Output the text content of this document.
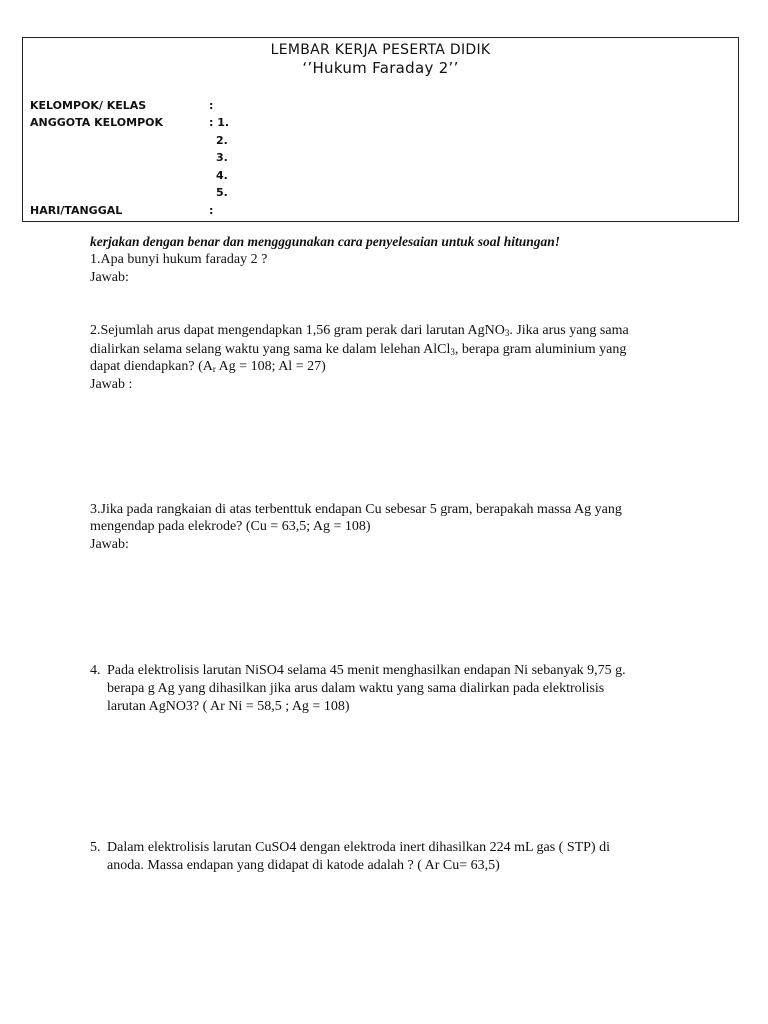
LEMBAR KERJA PESERTA DIDIK
‘’Hukum Faraday 2’’
KELOMPOK/ KELAS	:
ANGGOTA KELOMPOK	: 1.
2.
3.
4.
5.
HARI/TANGGAL	:
kerjakan dengan benar dan mengggunakan cara penyelesaian untuk soal hitungan!
1.Apa bunyi hukum faraday 2 ?
Jawab:
2.Sejumlah arus dapat mengendapkan 1,56 gram perak dari larutan AgNO$_3$. Jika arus yang sama
dialirkan selama selang waktu yang sama ke dalam lelehan AlCl$_3$, berapa gram aluminium yang
dapat diendapkan? ($A_r$ Ag = 108; Al = 27)
Jawab :
3.Jika pada rangkaian di atas terbenttuk endapan Cu sebesar 5 gram, berapakah massa Ag yang
mengendap pada elekrode? (Cu = 63,5; Ag = 108)
Jawab:
4. Pada elektrolisis larutan NiSO4 selama 45 menit menghasilkan endapan Ni sebanyak 9,75 g.
berapa g Ag yang dihasilkan jika arus dalam waktu yang sama dialirkan pada elektrolisis
larutan AgNO3? ( Ar Ni = 58,5 ; Ag = 108)
5. Dalam elektrolisis larutan CuSO4 dengan elektroda inert dihasilkan 224 mL gas ( STP) di
anoda. Massa endapan yang didapat di katode adalah ? ( Ar Cu= 63,5)
